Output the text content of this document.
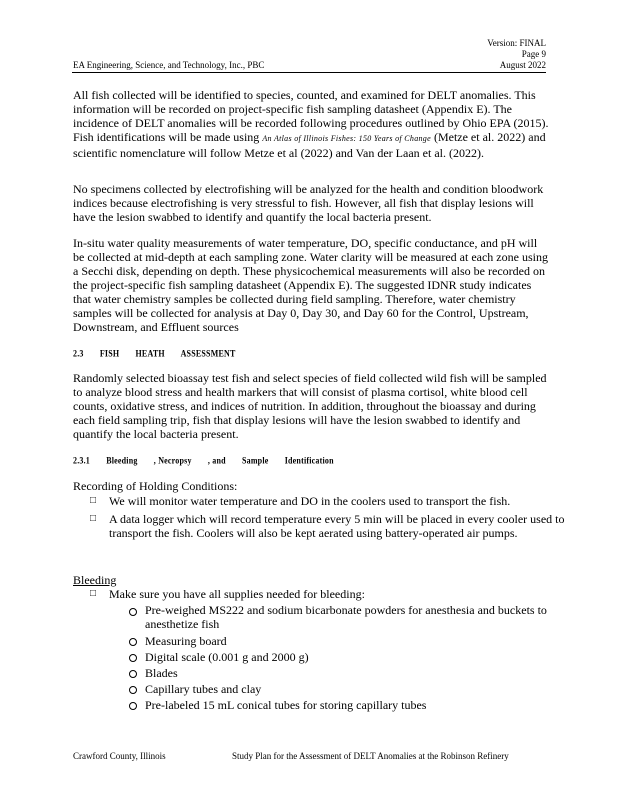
Version: FINAL
Page 9
August 2022
EA Engineering, Science, and Technology, Inc., PBC
All fish collected will be identified to species, counted, and examined for DELT anomalies. This information will be recorded on project-specific fish sampling datasheet (Appendix E). The incidence of DELT anomalies will be recorded following procedures outlined by Ohio EPA (2015). Fish identifications will be made using An Atlas of Illinois Fishes: 150 Years of Change (Metze et al. 2022) and scientific nomenclature will follow Metze et al (2022) and Van der Laan et al. (2022).
No specimens collected by electrofishing will be analyzed for the health and condition bloodwork indices because electrofishing is very stressful to fish. However, all fish that display lesions will have the lesion swabbed to identify and quantify the local bacteria present.
In-situ water quality measurements of water temperature, DO, specific conductance, and pH will be collected at mid-depth at each sampling zone. Water clarity will be measured at each zone using a Secchi disk, depending on depth. These physicochemical measurements will also be recorded on the project-specific fish sampling datasheet (Appendix E). The suggested IDNR study indicates that water chemistry samples be collected during field sampling. Therefore, water chemistry samples will be collected for analysis at Day 0, Day 30, and Day 60 for the Control, Upstream, Downstream, and Effluent sources
2.3 FISH HEATH ASSESSMENT
Randomly selected bioassay test fish and select species of field collected wild fish will be sampled to analyze blood stress and health markers that will consist of plasma cortisol, white blood cell counts, oxidative stress, and indices of nutrition. In addition, throughout the bioassay and during each field sampling trip, fish that display lesions will have the lesion swabbed to identify and quantify the local bacteria present.
2.3.1 Bleeding , Necropsy , and Sample Identification
Recording of Holding Conditions:
□ We will monitor water temperature and DO in the coolers used to transport the fish.
□ A data logger which will record temperature every 5 min will be placed in every cooler used to transport the fish. Coolers will also be kept aerated using battery-operated air pumps.
Bleeding
□ Make sure you have all supplies needed for bleeding:
Pre-weighed MS222 and sodium bicarbonate powders for anesthesia and buckets to anesthetize fish
Measuring board
Digital scale (0.001 g and 2000 g)
Blades
Capillary tubes and clay
Pre-labeled 15 mL conical tubes for storing capillary tubes
Crawford County, Illinois	Study Plan for the Assessment of DELT Anomalies at the Robinson Refinery
